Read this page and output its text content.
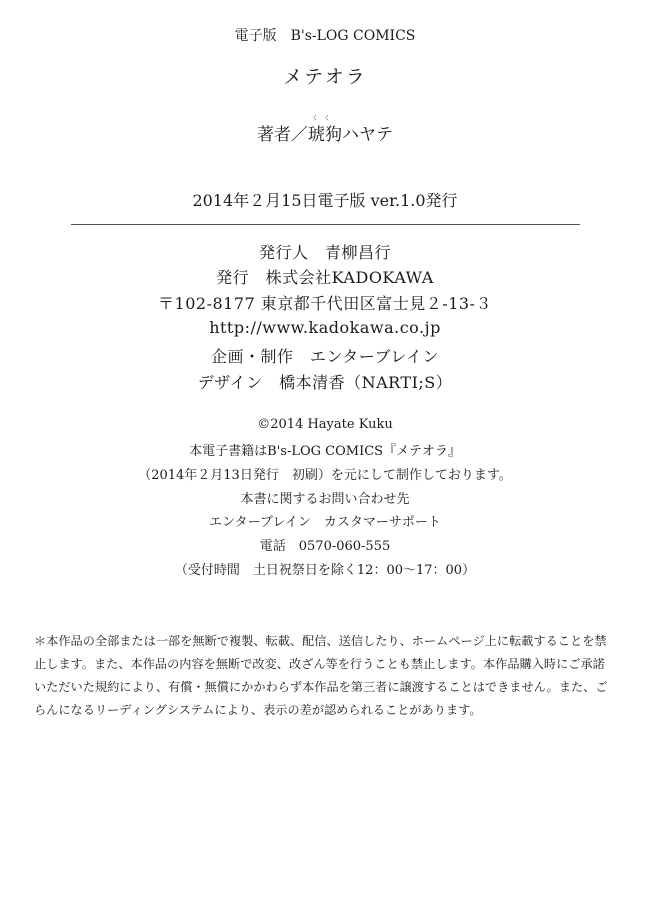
電子版　B's-LOG COMICS
メテオラ
く　く
著者／琥狗ハヤテ
2014年２月15日電子版 ver.1.0発行
発行人　青柳昌行
発行　株式会社KADOKAWA
〒102-8177 東京都千代田区富士見２-13-３
http://www.kadokawa.co.jp
企画・制作　エンターブレイン
デザイン　橋本清香（NARTI;S）
©2014 Hayate Kuku
本電子書籍はB's-LOG COMICS『メテオラ』
（2014年２月13日発行　初刷）を元にして制作しております。
本書に関するお問い合わせ先
エンターブレイン　カスタマーサポート
電話　0570-060-555
（受付時間　土日祝祭日を除く12：00～17：00）
＊本作品の全部または一部を無断で複製、転載、配信、送信したり、ホームページ上に転載することを禁
止します。また、本作品の内容を無断で改変、改ざん等を行うことも禁止します。本作品購入時にご承諾
いただいた規約により、有償・無償にかかわらず本作品を第三者に譲渡することはできません。また、ご
らんになるリーディングシステムにより、表示の差が認められることがあります。
